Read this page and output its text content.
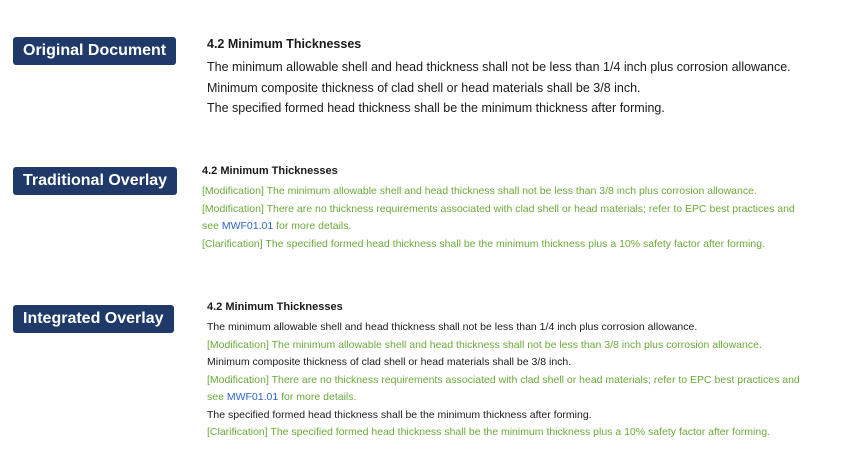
Original Document
Traditional Overlay
Integrated Overlay
4.2 Minimum Thicknesses
The minimum allowable shell and head thickness shall not be less than 1/4 inch plus corrosion allowance.
Minimum composite thickness of clad shell or head materials shall be 3/8 inch.
The specified formed head thickness shall be the minimum thickness after forming.
4.2 Minimum Thicknesses
[Modification] The minimum allowable shell and head thickness shall not be less than 3/8 inch plus corrosion allowance.
[Modification] There are no thickness requirements associated with clad shell or head materials; refer to EPC best practices and
see MWF01.01 for more details.
[Clarification] The specified formed head thickness shall be the minimum thickness plus a 10% safety factor after forming.
4.2 Minimum Thicknesses
The minimum allowable shell and head thickness shall not be less than 1/4 inch plus corrosion allowance.
[Modification] The minimum allowable shell and head thickness shall not be less than 3/8 inch plus corrosion allowance.
Minimum composite thickness of clad shell or head materials shall be 3/8 inch.
[Modification] There are no thickness requirements associated with clad shell or head materials; refer to EPC best practices and
see MWF01.01 for more details.
The specified formed head thickness shall be the minimum thickness after forming.
[Clarification] The specified formed head thickness shall be the minimum thickness plus a 10% safety factor after forming.
